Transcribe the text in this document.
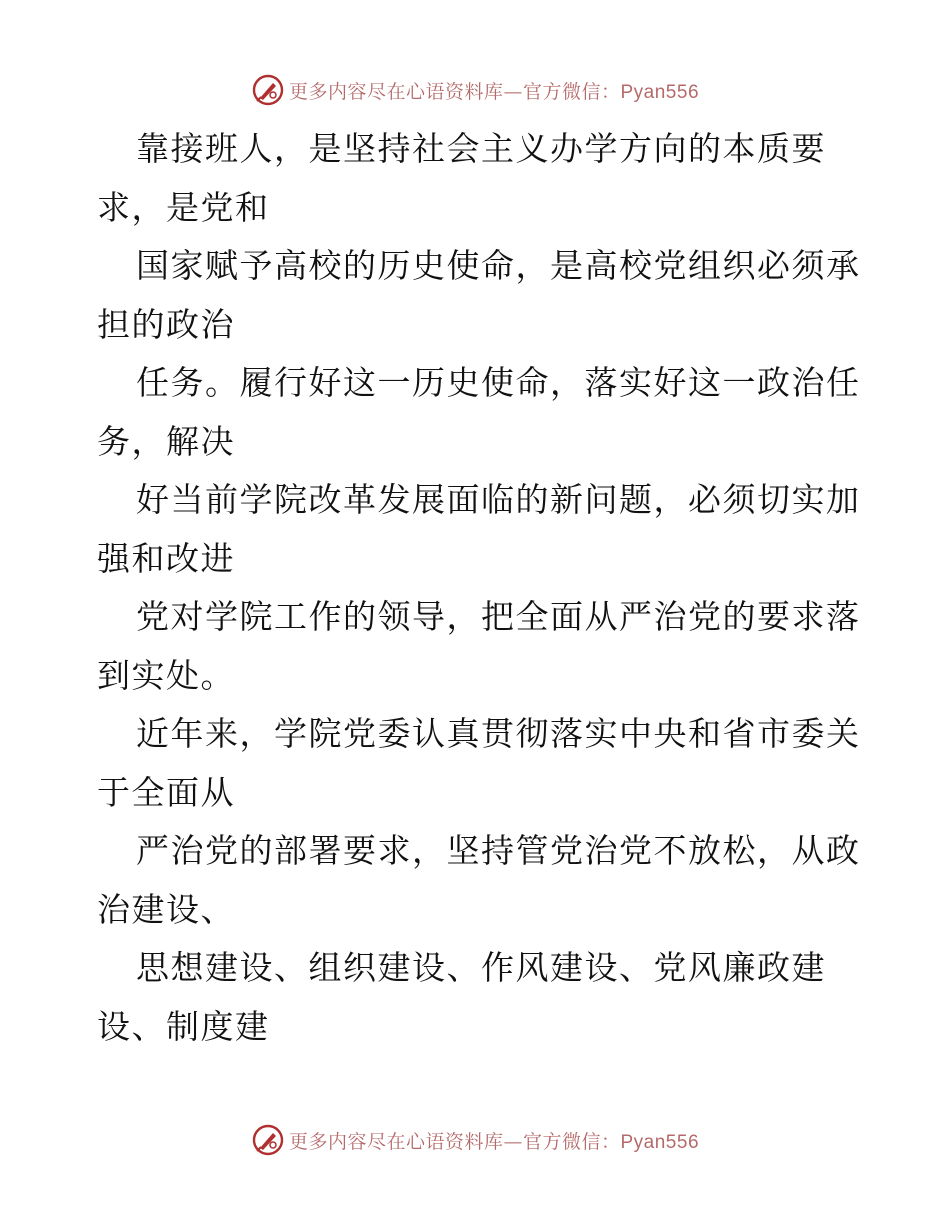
更多内容尽在心语资料库—官方微信：Pyan556
靠接班人，是坚持社会主义办学方向的本质要
求，是党和
国家赋予高校的历史使命，是高校党组织必须承
担的政治
任务。履行好这一历史使命，落实好这一政治任
务，解决
好当前学院改革发展面临的新问题，必须切实加
强和改进
党对学院工作的领导，把全面从严治党的要求落
到实处。
近年来，学院党委认真贯彻落实中央和省市委关
于全面从
严治党的部署要求，坚持管党治党不放松，从政
治建设、
思想建设、组织建设、作风建设、党风廉政建
设、制度建
更多内容尽在心语资料库—官方微信：Pyan556
